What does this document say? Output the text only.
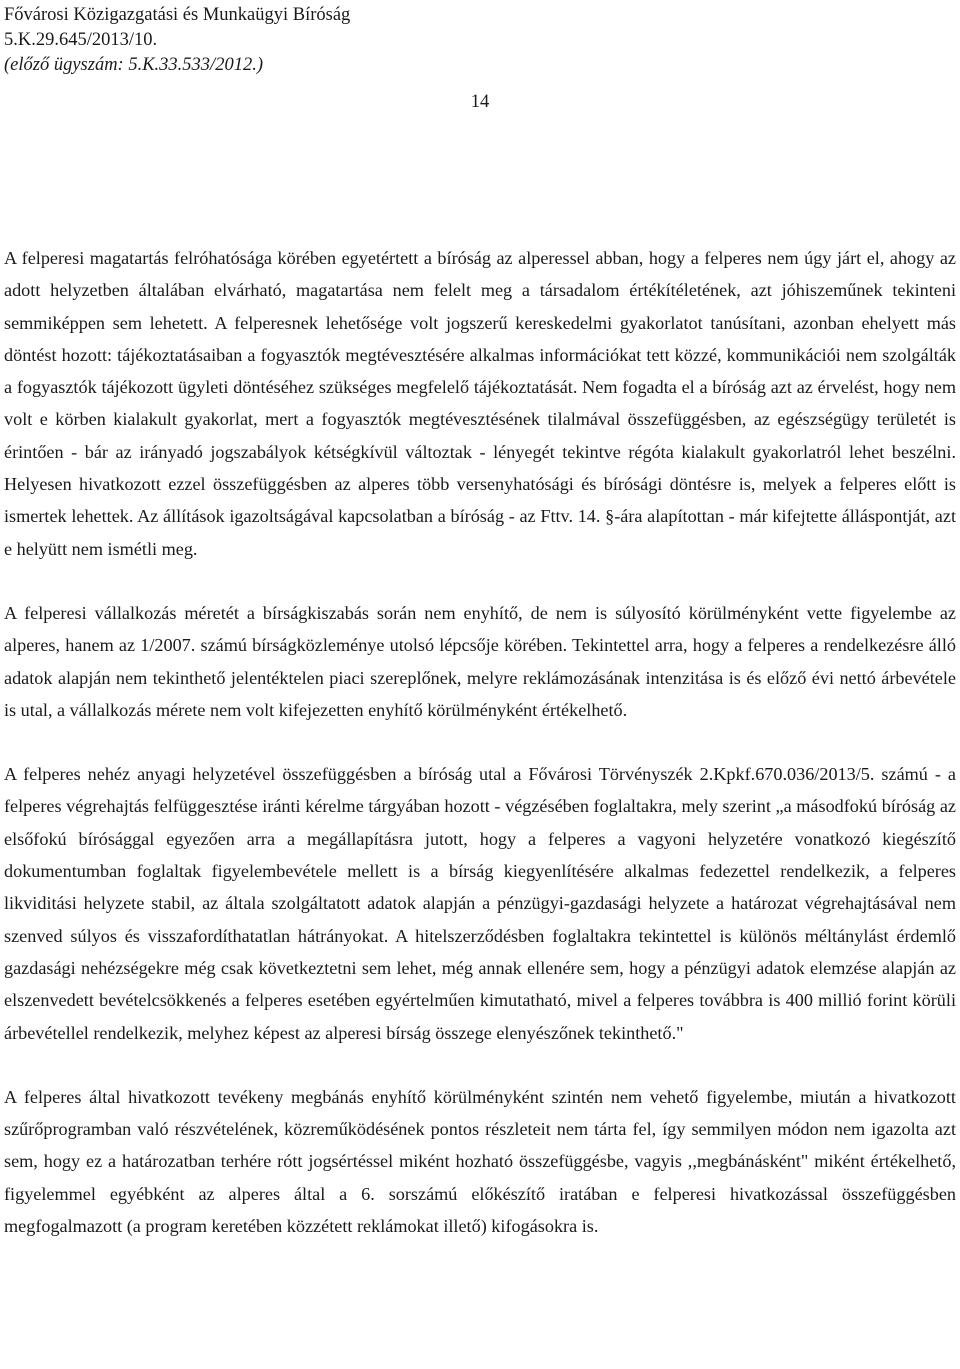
Fővárosi Közigazgatási és Munkaügyi Bíróság
5.K.29.645/2013/10.
(előző ügyszám: 5.K.33.533/2012.)
14

A felperesi magatartás felróhatósága körében egyetértett a bíróság az alperessel abban, hogy a felperes nem úgy járt el, ahogy az adott helyzetben általában elvárható, magatartása nem felelt meg a társadalom értékítéletének, azt jóhiszeműnek tekinteni semmiképpen sem lehetett. A felperesnek lehetősége volt jogszerű kereskedelmi gyakorlatot tanúsítani, azonban ehelyett más döntést hozott: tájékoztatásaiban a fogyasztók megtévesztésére alkalmas információkat tett közzé, kommunikációi nem szolgálták a fogyasztók tájékozott ügyleti döntéséhez szükséges megfelelő tájékoztatását. Nem fogadta el a bíróság azt az érvelést, hogy nem volt e körben kialakult gyakorlat, mert a fogyasztók megtévesztésének tilalmával összefüggésben, az egészségügy területét is érintően - bár az irányadó jogszabályok kétségkívül változtak - lényegét tekintve régóta kialakult gyakorlatról lehet beszélni. Helyesen hivatkozott ezzel összefüggésben az alperes több versenyhatósági és bírósági döntésre is, melyek a felperes előtt is ismertek lehettek. Az állítások igazoltságával kapcsolatban a bíróság - az Fttv. 14. §-ára alapítottan - már kifejtette álláspontját, azt e helyütt nem ismétli meg.

A felperesi vállalkozás méretét a bírságkiszabás során nem enyhítő, de nem is súlyosító körülményként vette figyelembe az alperes, hanem az 1/2007. számú bírságközleménye utolsó lépcsője körében. Tekintettel arra, hogy a felperes a rendelkezésre álló adatok alapján nem tekinthető jelentéktelen piaci szereplőnek, melyre reklámozásának intenzitása is és előző évi nettó árbevétele is utal, a vállalkozás mérete nem volt kifejezetten enyhítő körülményként értékelhető.

A felperes nehéz anyagi helyzetével összefüggésben a bíróság utal a Fővárosi Törvényszék 2.Kpkf.670.036/2013/5. számú - a felperes végrehajtás felfüggesztése iránti kérelme tárgyában hozott - végzésében foglaltakra, mely szerint „a másodfokú bíróság az elsőfokú bírósággal egyezően arra a megállapításra jutott, hogy a felperes a vagyoni helyzetére vonatkozó kiegészítő dokumentumban foglaltak figyelembevétele mellett is a bírság kiegyenlítésére alkalmas fedezettel rendelkezik, a felperes likviditási helyzete stabil, az általa szolgáltatott adatok alapján a pénzügyi-gazdasági helyzete a határozat végrehajtásával nem szenved súlyos és visszafordíthatatlan hátrányokat. A hitelszerződésben foglaltakra tekintettel is különös méltánylást érdemlő gazdasági nehézségekre még csak következtetni sem lehet, még annak ellenére sem, hogy a pénzügyi adatok elemzése alapján az elszenvedett bevételcsökkenés a felperes esetében egyértelműen kimutatható, mivel a felperes továbbra is 400 millió forint körüli árbevétellel rendelkezik, melyhez képest az alperesi bírság összege elenyészőnek tekinthető."

A felperes által hivatkozott tevékeny megbánás enyhítő körülményként szintén nem vehető figyelembe, miután a hivatkozott szűrőprogramban való részvételének, közreműködésének pontos részleteit nem tárta fel, így semmilyen módon nem igazolta azt sem, hogy ez a határozatban terhére rótt jogsértéssel miként hozható összefüggésbe, vagyis ,,megbánásként" miként értékelhető, figyelemmel egyébként az alperes által a 6. sorszámú előkészítő iratában e felperesi hivatkozással összefüggésben megfogalmazott (a program keretében közzétett reklámokat illető) kifogásokra is.
